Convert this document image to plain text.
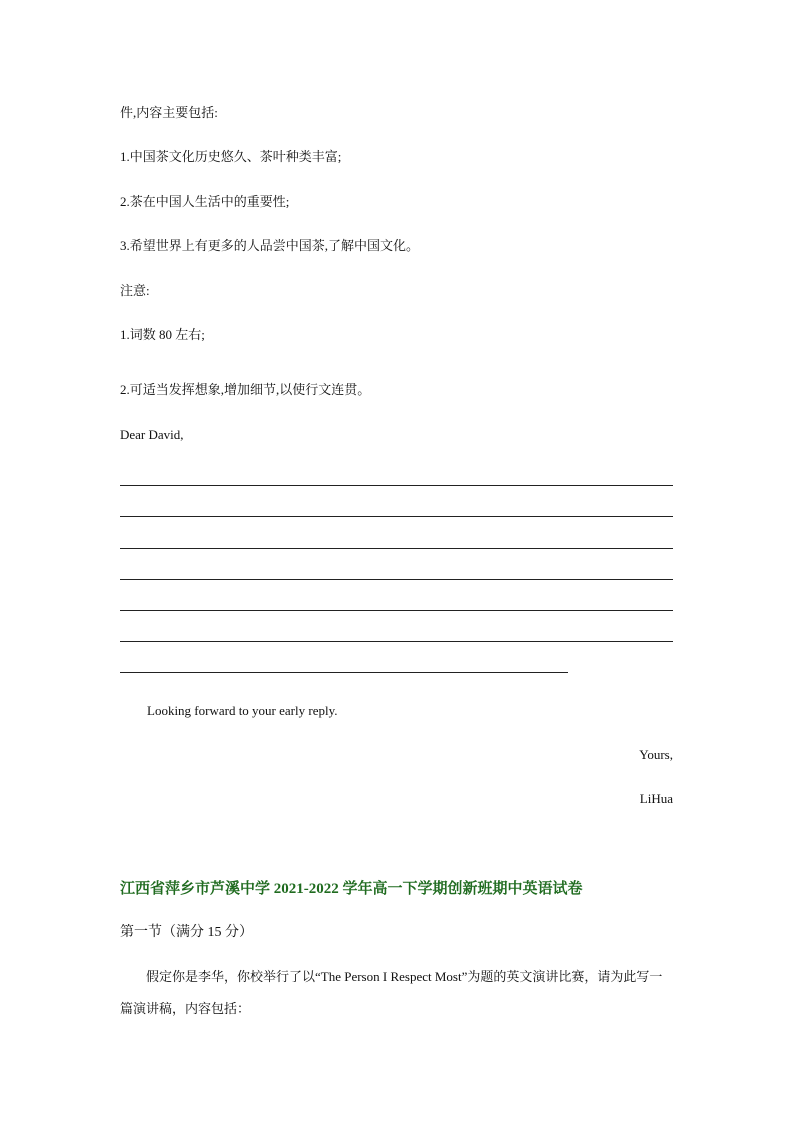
件,内容主要包括:
1.中国茶文化历史悠久、茶叶种类丰富;
2.茶在中国人生活中的重要性;
3.希望世界上有更多的人品尝中国茶,了解中国文化。
注意:
1.词数 80 左右;
2.可适当发挥想象,增加细节,以使行文连贯。
Dear David,
Looking forward to your early reply.
Yours,
LiHua
江西省萍乡市芦溪中学 2021-2022 学年高一下学期创新班期中英语试卷
第一节（满分 15 分）
假定你是李华，你校举行了以“The Person I Respect Most”为题的英文演讲比赛，请为此写一篇演讲稿，内容包括：
